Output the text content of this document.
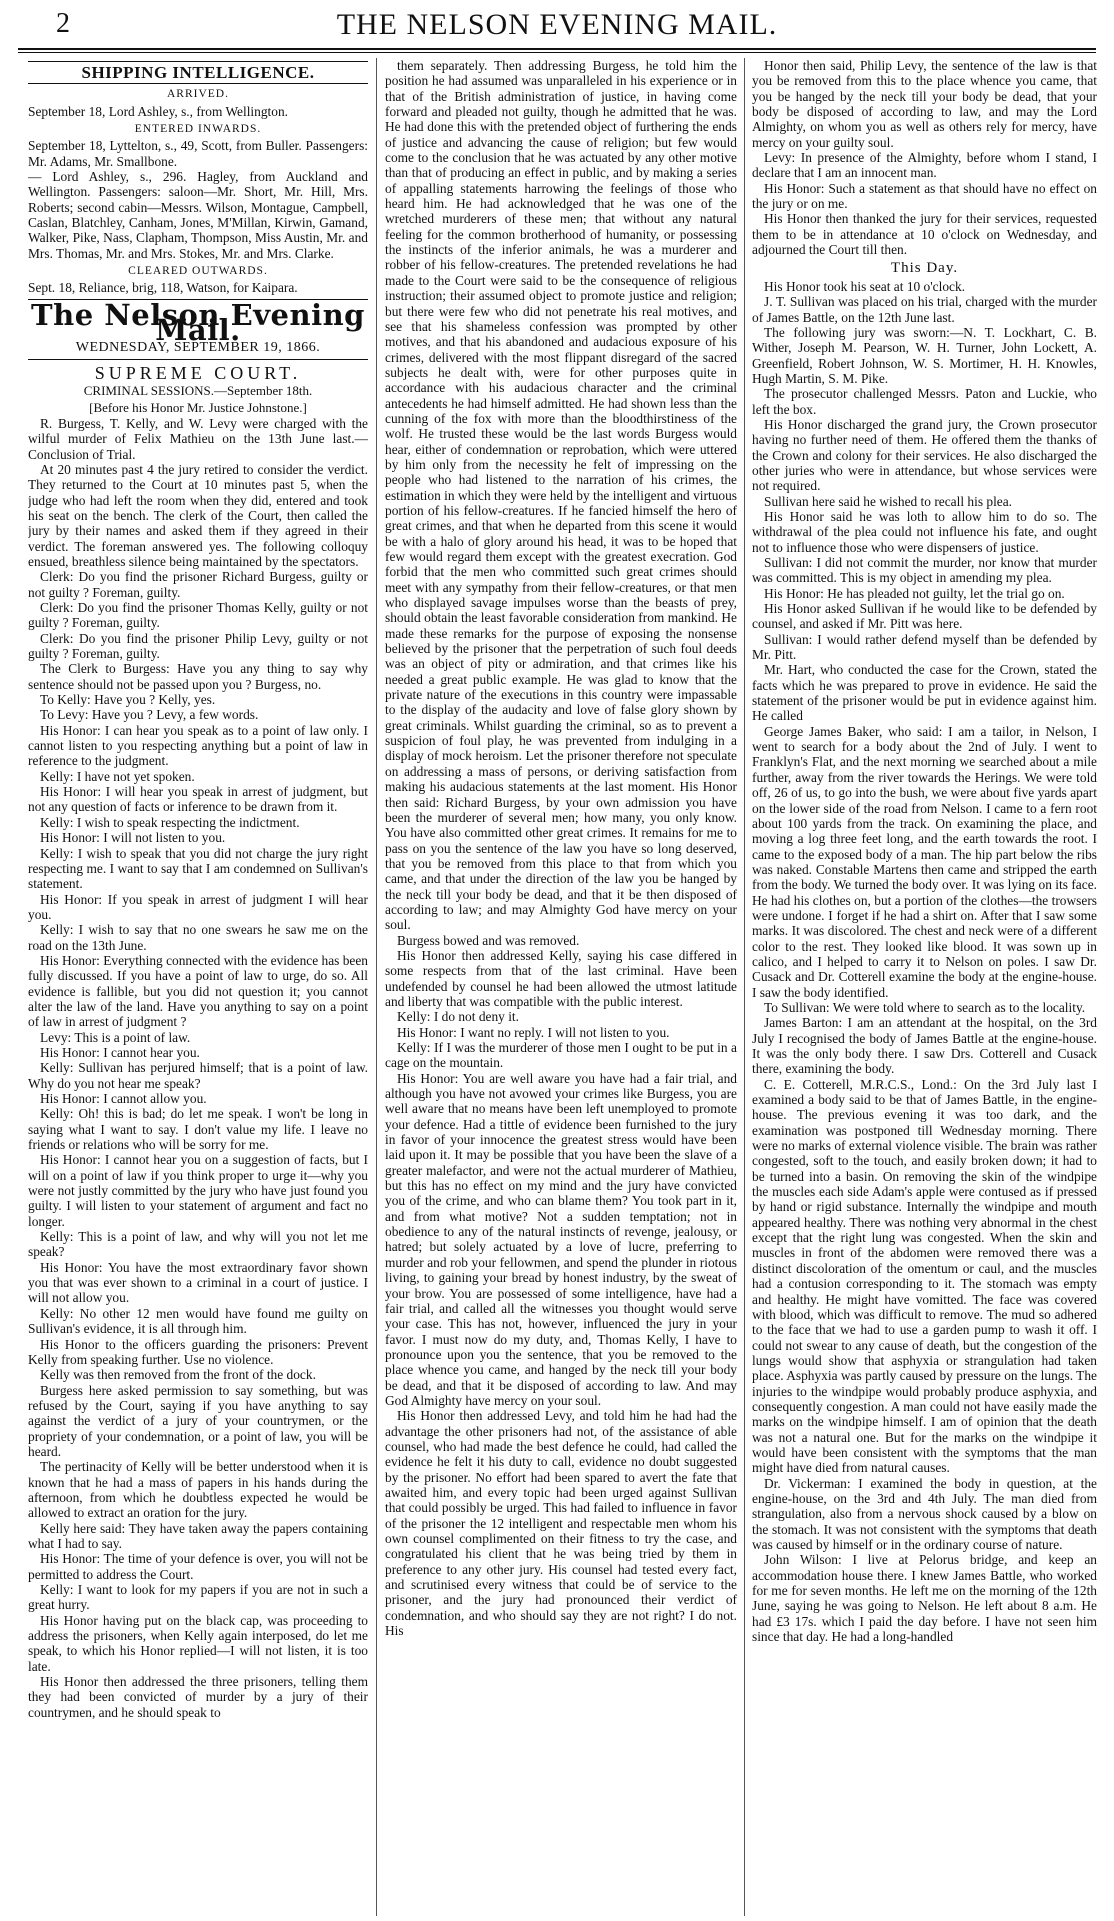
2	THE NELSON EVENING MAIL.
SHIPPING INTELLIGENCE.
ARRIVED.

September 18, Lord Ashley, s., from Wellington.

ENTERED INWARDS.

September 18, Lyttelton, s., 49, Scott, from Buller. Passengers: Mr. Adams, Mr. Smallbone.

— Lord Ashley, s., 296. Hagley, from Auckland and Wellington. Passengers: saloon—Mr. Short, Mr. Hill, Mrs. Roberts; second cabin—Messrs. Wilson, Montague, Campbell, Caslan, Blatchley, Canham, Jones, M'Millan, Kirwin, Gamand, Walker, Pike, Nass, Clapham, Thompson, Miss Austin, Mr. and Mrs. Thomas, Mr. and Mrs. Stokes, Mr. and Mrs. Clarke.

CLEARED OUTWARDS.

Sept. 18, Reliance, brig, 118, Watson, for Kaipara.

The Nelson Evening Mail.
WEDNESDAY, SEPTEMBER 19, 1866.
SUPREME COURT.
CRIMINAL SESSIONS.—September 18th.
[Before his Honor Mr. Justice Johnstone.]

R. Burgess, T. Kelly, and W. Levy were charged with the wilful murder of Felix Mathieu on the 13th June last.—Conclusion of Trial.

At 20 minutes past 4 the jury retired to consider the verdict. They returned to the Court at 10 minutes past 5, when the judge who had left the room when they did, entered and took his seat on the bench. The clerk of the Court, then called the jury by their names and asked them if they agreed in their verdict. The foreman answered yes. The following colloquy ensued, breathless silence being maintained by the spectators.

Clerk: Do you find the prisoner Richard Burgess, guilty or not guilty ? Foreman, guilty.

Clerk: Do you find the prisoner Thomas Kelly, guilty or not guilty ? Foreman, guilty.

Clerk: Do you find the prisoner Philip Levy, guilty or not guilty ? Foreman, guilty.

The Clerk to Burgess: Have you any thing to say why sentence should not be passed upon you ? Burgess, no.

To Kelly: Have you ? Kelly, yes.

To Levy: Have you ? Levy, a few words.

His Honor: I can hear you speak as to a point of law only. I cannot listen to you respecting anything but a point of law in reference to the judgment.

Kelly: I have not yet spoken.

His Honor: I will hear you speak in arrest of judgment, but not any question of facts or inference to be drawn from it.

Kelly: I wish to speak respecting the indictment.

His Honor: I will not listen to you.

Kelly: I wish to speak that you did not charge the jury right respecting me. I want to say that I am condemned on Sullivan's statement.

His Honor: If you speak in arrest of judgment I will hear you.

Kelly: I wish to say that no one swears he saw me on the road on the 13th June.

His Honor: Everything connected with the evidence has been fully discussed. If you have a point of law to urge, do so. All evidence is fallible, but you did not question it; you cannot alter the law of the land. Have you anything to say on a point of law in arrest of judgment ?

Levy: This is a point of law.

His Honor: I cannot hear you.

Kelly: Sullivan has perjured himself; that is a point of law. Why do you not hear me speak?

His Honor: I cannot allow you.

Kelly: Oh! this is bad; do let me speak. I won't be long in saying what I want to say. I don't value my life. I leave no friends or relations who will be sorry for me.

His Honor: I cannot hear you on a suggestion of facts, but I will on a point of law if you think proper to urge it—why you were not justly committed by the jury who have just found you guilty. I will listen to your statement of argument and fact no longer.

Kelly: This is a point of law, and why will you not let me speak?

His Honor: You have the most extraordinary favor shown you that was ever shown to a criminal in a court of justice. I will not allow you.

Kelly: No other 12 men would have found me guilty on Sullivan's evidence, it is all through him.

His Honor to the officers guarding the prisoners: Prevent Kelly from speaking further. Use no violence.

Kelly was then removed from the front of the dock.

Burgess here asked permission to say something, but was refused by the Court, saying if you have anything to say against the verdict of a jury of your countrymen, or the propriety of your condemnation, or a point of law, you will be heard.

The pertinacity of Kelly will be better understood when it is known that he had a mass of papers in his hands during the afternoon, from which he doubtless expected he would be allowed to extract an oration for the jury.

Kelly here said: They have taken away the papers containing what I had to say.

His Honor: The time of your defence is over, you will not be permitted to address the Court.

Kelly: I want to look for my papers if you are not in such a great hurry.

His Honor having put on the black cap, was proceeding to address the prisoners, when Kelly again interposed, do let me speak, to which his Honor replied—I will not listen, it is too late.

His Honor then addressed the three prisoners, telling them they had been convicted of murder by a jury of their countrymen, and he should speak to

them separately. Then addressing Burgess, he told him the position he had assumed was unparalleled in his experience or in that of the British administration of justice, in having come forward and pleaded not guilty, though he admitted that he was. He had done this with the pretended object of furthering the ends of justice and advancing the cause of religion; but few would come to the conclusion that he was actuated by any other motive than that of producing an effect in public, and by making a series of appalling statements harrowing the feelings of those who heard him. He had acknowledged that he was one of the wretched murderers of these men; that without any natural feeling for the common brotherhood of humanity, or possessing the instincts of the inferior animals, he was a murderer and robber of his fellow-creatures. The pretended revelations he had made to the Court were said to be the consequence of religious instruction; their assumed object to promote justice and religion; but there were few who did not penetrate his real motives, and see that his shameless confession was prompted by other motives, and that his abandoned and audacious exposure of his crimes, delivered with the most flippant disregard of the sacred subjects he dealt with, were for other purposes quite in accordance with his audacious character and the criminal antecedents he had himself admitted. He had shown less than the cunning of the fox with more than the bloodthirstiness of the wolf. He trusted these would be the last words Burgess would hear, either of condemnation or reprobation, which were uttered by him only from the necessity he felt of impressing on the people who had listened to the narration of his crimes, the estimation in which they were held by the intelligent and virtuous portion of his fellow-creatures. If he fancied himself the hero of great crimes, and that when he departed from this scene it would be with a halo of glory around his head, it was to be hoped that few would regard them except with the greatest execration. God forbid that the men who committed such great crimes should meet with any sympathy from their fellow-creatures, or that men who displayed savage impulses worse than the beasts of prey, should obtain the least favorable consideration from mankind. He made these remarks for the purpose of exposing the nonsense believed by the prisoner that the perpetration of such foul deeds was an object of pity or admiration, and that crimes like his needed a great public example. He was glad to know that the private nature of the executions in this country were impassable to the display of the audacity and love of false glory shown by great criminals. Whilst guarding the criminal, so as to prevent a suspicion of foul play, he was prevented from indulging in a display of mock heroism. Let the prisoner therefore not speculate on addressing a mass of persons, or deriving satisfaction from making his audacious statements at the last moment. His Honor then said: Richard Burgess, by your own admission you have been the murderer of several men; how many, you only know. You have also committed other great crimes. It remains for me to pass on you the sentence of the law you have so long deserved, that you be removed from this place to that from which you came, and that under the direction of the law you be hanged by the neck till your body be dead, and that it be then disposed of according to law; and may Almighty God have mercy on your soul.

Burgess bowed and was removed.

His Honor then addressed Kelly, saying his case differed in some respects from that of the last criminal. Have been undefended by counsel he had been allowed the utmost latitude and liberty that was compatible with the public interest.

Kelly: I do not deny it.

His Honor: I want no reply. I will not listen to you.

Kelly: If I was the murderer of those men I ought to be put in a cage on the mountain.

His Honor: You are well aware you have had a fair trial, and although you have not avowed your crimes like Burgess, you are well aware that no means have been left unemployed to promote your defence. Had a tittle of evidence been furnished to the jury in favor of your innocence the greatest stress would have been laid upon it. It may be possible that you have been the slave of a greater malefactor, and were not the actual murderer of Mathieu, but this has no effect on my mind and the jury have convicted you of the crime, and who can blame them? You took part in it, and from what motive? Not a sudden temptation; not in obedience to any of the natural instincts of revenge, jealousy, or hatred; but solely actuated by a love of lucre, preferring to murder and rob your fellowmen, and spend the plunder in riotous living, to gaining your bread by honest industry, by the sweat of your brow. You are possessed of some intelligence, have had a fair trial, and called all the witnesses you thought would serve your case. This has not, however, influenced the jury in your favor. I must now do my duty, and, Thomas Kelly, I have to pronounce upon you the sentence, that you be removed to the place whence you came, and hanged by the neck till your body be dead, and that it be disposed of according to law. And may God Almighty have mercy on your soul.

His Honor then addressed Levy, and told him he had had the advantage the other prisoners had not, of the assistance of able counsel, who had made the best defence he could, had called the evidence he felt it his duty to call, evidence no doubt suggested by the prisoner. No effort had been spared to avert the fate that awaited him, and every topic had been urged against Sullivan that could possibly be urged. This had failed to influence in favor of the prisoner the 12 intelligent and respectable men whom his own counsel complimented on their fitness to try the case, and congratulated his client that he was being tried by them in preference to any other jury. His counsel had tested every fact, and scrutinised every witness that could be of service to the prisoner, and the jury had pronounced their verdict of condemnation, and who should say they are not right? I do not. His

Honor then said, Philip Levy, the sentence of the law is that you be removed from this to the place whence you came, that you be hanged by the neck till your body be dead, that your body be disposed of according to law, and may the Lord Almighty, on whom you as well as others rely for mercy, have mercy on your guilty soul.

Levy: In presence of the Almighty, before whom I stand, I declare that I am an innocent man.

His Honor: Such a statement as that should have no effect on the jury or on me.

His Honor then thanked the jury for their services, requested them to be in attendance at 10 o'clock on Wednesday, and adjourned the Court till then.

This Day.

His Honor took his seat at 10 o'clock.

J. T. Sullivan was placed on his trial, charged with the murder of James Battle, on the 12th June last.

The following jury was sworn:—N. T. Lockhart, C. B. Wither, Joseph M. Pearson, W. H. Turner, John Lockett, A. Greenfield, Robert Johnson, W. S. Mortimer, H. H. Knowles, Hugh Martin, S. M. Pike.

The prosecutor challenged Messrs. Paton and Luckie, who left the box.

His Honor discharged the grand jury, the Crown prosecutor having no further need of them. He offered them the thanks of the Crown and colony for their services. He also discharged the other juries who were in attendance, but whose services were not required.

Sullivan here said he wished to recall his plea.

His Honor said he was loth to allow him to do so. The withdrawal of the plea could not influence his fate, and ought not to influence those who were dispensers of justice.

Sullivan: I did not commit the murder, nor know that murder was committed. This is my object in amending my plea.

His Honor: He has pleaded not guilty, let the trial go on.

His Honor asked Sullivan if he would like to be defended by counsel, and asked if Mr. Pitt was here.

Sullivan: I would rather defend myself than be defended by Mr. Pitt.

Mr. Hart, who conducted the case for the Crown, stated the facts which he was prepared to prove in evidence. He said the statement of the prisoner would be put in evidence against him. He called

George James Baker, who said: I am a tailor, in Nelson, I went to search for a body about the 2nd of July. I went to Franklyn's Flat, and the next morning we searched about a mile further, away from the river towards the Herings. We were told off, 26 of us, to go into the bush, we were about five yards apart on the lower side of the road from Nelson. I came to a fern root about 100 yards from the track. On examining the place, and moving a log three feet long, and the earth towards the root. I came to the exposed body of a man. The hip part below the ribs was naked. Constable Martens then came and stripped the earth from the body. We turned the body over. It was lying on its face. He had his clothes on, but a portion of the clothes—the trowsers were undone. I forget if he had a shirt on. After that I saw some marks. It was discolored. The chest and neck were of a different color to the rest. They looked like blood. It was sown up in calico, and I helped to carry it to Nelson on poles. I saw Dr. Cusack and Dr. Cotterell examine the body at the engine-house. I saw the body identified.

To Sullivan: We were told where to search as to the locality.

James Barton: I am an attendant at the hospital, on the 3rd July I recognised the body of James Battle at the engine-house. It was the only body there. I saw Drs. Cotterell and Cusack there, examining the body.

C. E. Cotterell, M.R.C.S., Lond.: On the 3rd July last I examined a body said to be that of James Battle, in the engine-house. The previous evening it was too dark, and the examination was postponed till Wednesday morning. There were no marks of external violence visible. The brain was rather congested, soft to the touch, and easily broken down; it had to be turned into a basin. On removing the skin of the windpipe the muscles each side Adam's apple were contused as if pressed by hand or rigid substance. Internally the windpipe and mouth appeared healthy. There was nothing very abnormal in the chest except that the right lung was congested. When the skin and muscles in front of the abdomen were removed there was a distinct discoloration of the omentum or caul, and the muscles had a contusion corresponding to it. The stomach was empty and healthy. He might have vomitted. The face was covered with blood, which was difficult to remove. The mud so adhered to the face that we had to use a garden pump to wash it off. I could not swear to any cause of death, but the congestion of the lungs would show that asphyxia or strangulation had taken place. Asphyxia was partly caused by pressure on the lungs. The injuries to the windpipe would probably produce asphyxia, and consequently congestion. A man could not have easily made the marks on the windpipe himself. I am of opinion that the death was not a natural one. But for the marks on the windpipe it would have been consistent with the symptoms that the man might have died from natural causes.

Dr. Vickerman: I examined the body in question, at the engine-house, on the 3rd and 4th July. The man died from strangulation, also from a nervous shock caused by a blow on the stomach. It was not consistent with the symptoms that death was caused by himself or in the ordinary course of nature.

John Wilson: I live at Pelorus bridge, and keep an accommodation house there. I knew James Battle, who worked for me for seven months. He left me on the morning of the 12th June, saying he was going to Nelson. He left about 8 a.m. He had £3 17s. which I paid the day before. I have not seen him since that day. He had a long-handled
